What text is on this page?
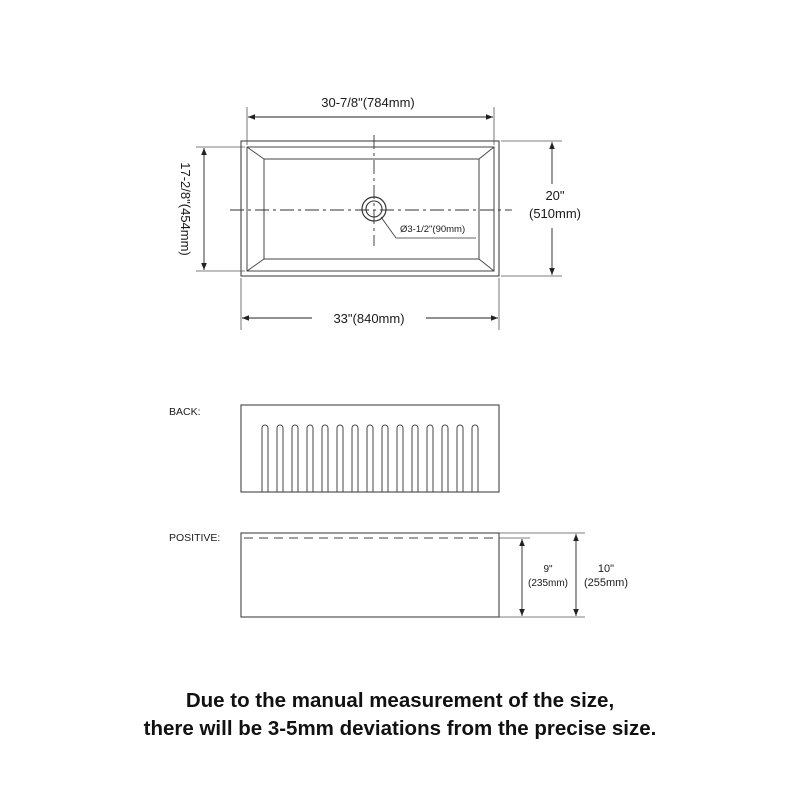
30-7/8"(784mm)
17-2/8"(454mm)	20"
(510mm)
33"(840mm)
Ø3-1/2"(90mm)
BACK:
POSITIVE:
9"
(235mm)
10"
(255mm)
Due to the manual measurement of the size,
there will be 3-5mm deviations from the precise size.
